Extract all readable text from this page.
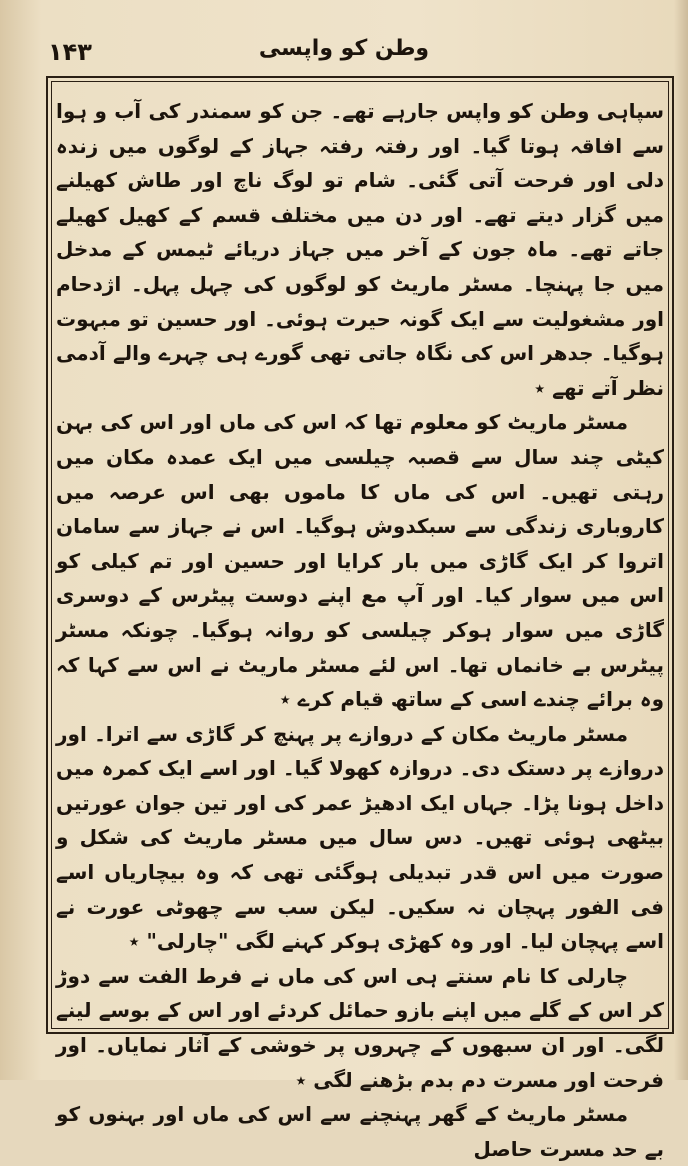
۱۴۳	وطن کو واپسی

سپاہی وطن کو واپس جارہے تھے۔ جن کو سمندر کی آب و ہوا سے افاقہ ہوتا گیا۔ اور رفتہ رفتہ جہاز کے لوگوں میں زندہ دلی اور فرحت آتی گئی۔ شام تو لوگ ناچ اور طاش کھیلنے میں گزار دیتے تھے۔ اور دن میں مختلف قسم کے کھیل کھیلے جاتے تھے۔ ماہ جون کے آخر میں جہاز دریائے ٹیمس کے مدخل میں جا پہنچا۔ مسٹر ماریٹ کو لوگوں کی چہل پہل۔ اژدحام اور مشغولیت سے ایک گونہ حیرت ہوئی۔ اور حسین تو مبہوت ہوگیا۔ جدھر اس کی نگاہ جاتی تھی گورے ہی چہرے والے آدمی نظر آتے تھے ٭

مسٹر ماریٹ کو معلوم تھا کہ اس کی ماں اور اس کی بہن کیٹی چند سال سے قصبہ چیلسی میں ایک عمدہ مکان میں رہتی تھیں۔ اس کی ماں کا ماموں بھی اس عرصہ میں کاروباری زندگی سے سبکدوش ہوگیا۔ اس نے جہاز سے سامان اتروا کر ایک گاڑی میں بار کرایا اور حسین اور تم کیلی کو اس میں سوار کیا۔ اور آپ مع اپنے دوست پیٹرس کے دوسری گاڑی میں سوار ہوکر چیلسی کو روانہ ہوگیا۔ چونکہ مسٹر پیٹرس بے خانماں تھا۔ اس لئے مسٹر ماریٹ نے اس سے کہا کہ وہ برائے چندے اسی کے ساتھ قیام کرے ٭

مسٹر ماریٹ مکان کے دروازے پر پہنچ کر گاڑی سے اترا۔ اور دروازے پر دستک دی۔ دروازہ کھولا گیا۔ اور اسے ایک کمرہ میں داخل ہونا پڑا۔ جہاں ایک ادھیڑ عمر کی اور تین جوان عورتیں بیٹھی ہوئی تھیں۔ دس سال میں مسٹر ماریٹ کی شکل و صورت میں اس قدر تبدیلی ہوگئی تھی کہ وہ بیچاریاں اسے فی الفور پہچان نہ سکیں۔ لیکن سب سے چھوٹی عورت نے اسے پہچان لیا۔ اور وہ کھڑی ہوکر کہنے لگی "چارلی" ٭

چارلی کا نام سنتے ہی اس کی ماں نے فرط الفت سے دوڑ کر اس کے گلے میں اپنے بازو حمائل کردئے اور اس کے بوسے لینے لگی۔ اور ان سبھوں کے چہروں پر خوشی کے آثار نمایاں۔ اور فرحت اور مسرت دم بدم بڑھنے لگی ٭

مسٹر ماریٹ کے گھر پہنچنے سے اس کی ماں اور بہنوں کو بے حد مسرت حاصل
